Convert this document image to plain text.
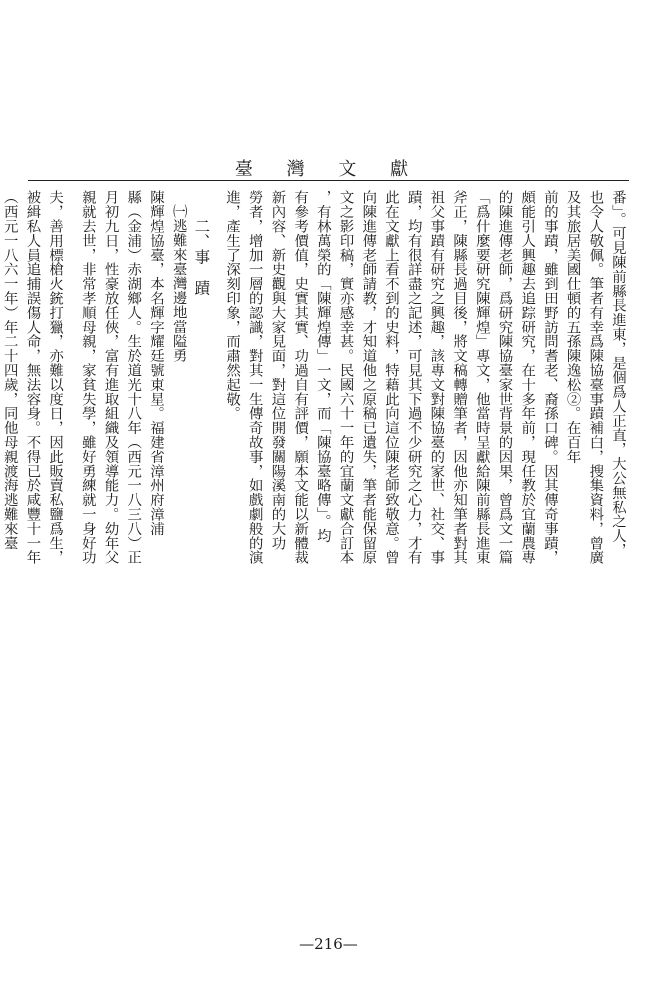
臺 灣 文 獻

番」。可見陳前縣長進東，是個爲人正直，大公無私之人，

也令人敬佩。筆者有幸爲陳協臺事蹟補白，搜集資料，曾廣

及其旅居美國仕頓的五孫陳逸松②。在百年

前的事蹟，雖到田野訪問耆老、裔孫口碑。因其傳奇事蹟，

頗能引人興趣去追踪研究，在十多年前，現任教於宜蘭農專

的陳進傳老師，爲研究陳協臺家世背景的因果，曾爲文一篇

「爲什麼要研究陳輝煌」專文，他當時呈獻給陳前縣長進東

斧正，陳縣長過目後，將文稿轉贈筆者，因他亦知筆者對其

祖父事蹟有研究之興趣，該專文對陳協臺的家世、社交、事

蹟，均有很詳盡之記述，可見其下過不少研究之心力，才有

此在文獻上看不到的史料，特藉此向這位陳老師致敬意。曾

向陳進傳老師請教，才知道他之原稿已遺失，筆者能保留原

文之影印稿，實亦感幸甚。民國六十一年的宜蘭文獻合訂本

，有林萬榮的「陳輝煌傳」一文，而「陳協臺略傳」。均

有參考價值，史實其實、功過自有評價，願本文能以新體裁

新內容、新史觀與大家見面，對這位開發關陽溪南的大功

勞者，增加一層的認識，對其一生傳奇故事，如戲劇般的演

進，產生了深刻印象，而肅然起敬。

二、事　蹟

㈠逃難來臺灣邊地當隘勇

陳輝煌協臺，本名輝字耀廷號東星。福建省漳州府漳浦

縣（金浦）赤湖鄉人。生於道光十八年（西元一八三八）正

月初九日，性豪放任俠，富有進取組織及領導能力。幼年父

親就去世，非常孝順母親，家貧失學，雖好勇練就一身好功

夫，善用標槍火銃打獵，亦難以度日，因此販賣私鹽爲生，

被緝私人員追捕誤傷人命，無法容身。不得已於咸豐十一年

（西元一八六一年）年二十四歲，同他母親渡海逃難來臺

—216—
